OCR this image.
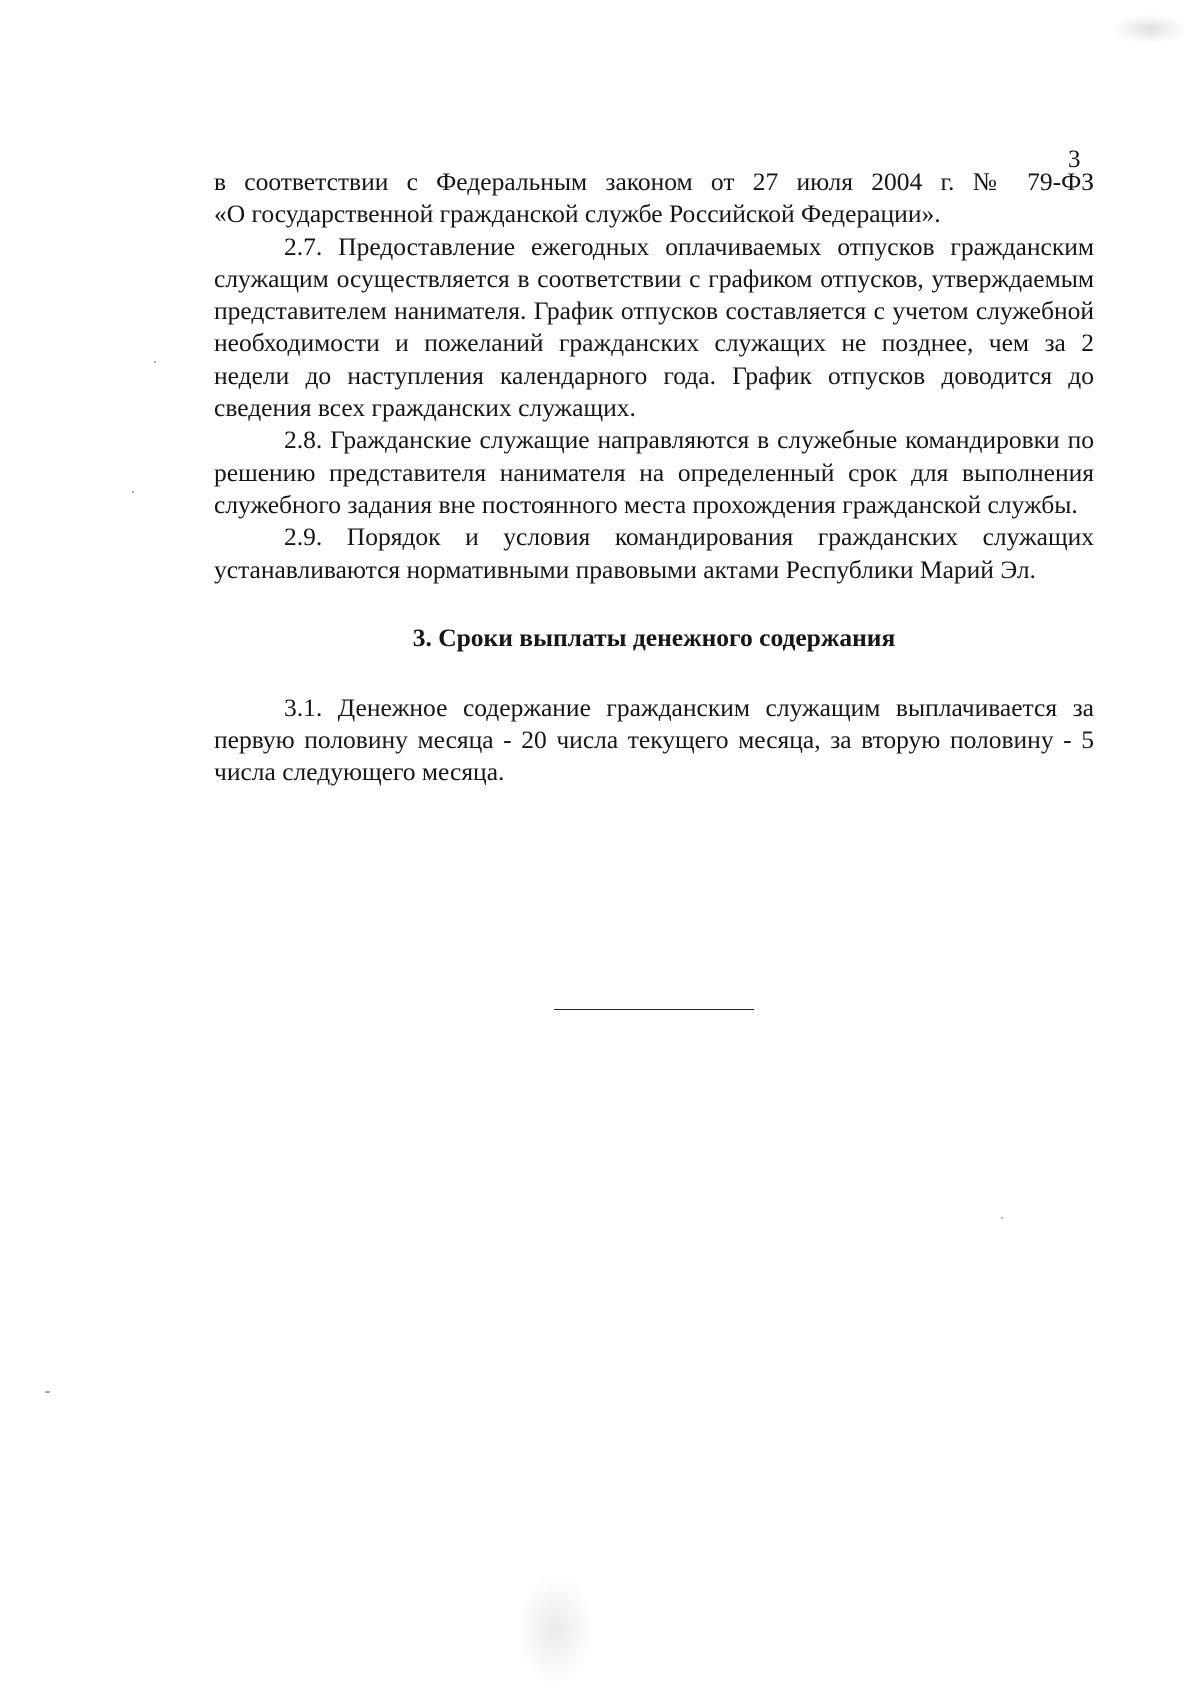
3

в соответствии с Федеральным законом от 27 июля 2004 г. № 79-ФЗ

«О государственной гражданской службе Российской Федерации».

2.7. Предоставление ежегодных оплачиваемых отпусков гражданским служащим осуществляется в соответствии с графиком отпусков, утверждаемым представителем нанимателя. График отпусков составляется с учетом служебной необходимости и пожеланий гражданских служащих не позднее, чем за 2 недели до наступления календарного года. График отпусков доводится до сведения всех гражданских служащих.

2.8. Гражданские служащие направляются в служебные командировки по решению представителя нанимателя на определенный срок для выполнения служебного задания вне постоянного места прохождения гражданской службы.

2.9. Порядок и условия командирования гражданских служащих устанавливаются нормативными правовыми актами Республики Марий Эл.

3. Сроки выплаты денежного содержания

3.1. Денежное содержание гражданским служащим выплачивается за первую половину месяца - 20 числа текущего месяца, за вторую половину - 5 числа следующего месяца.
